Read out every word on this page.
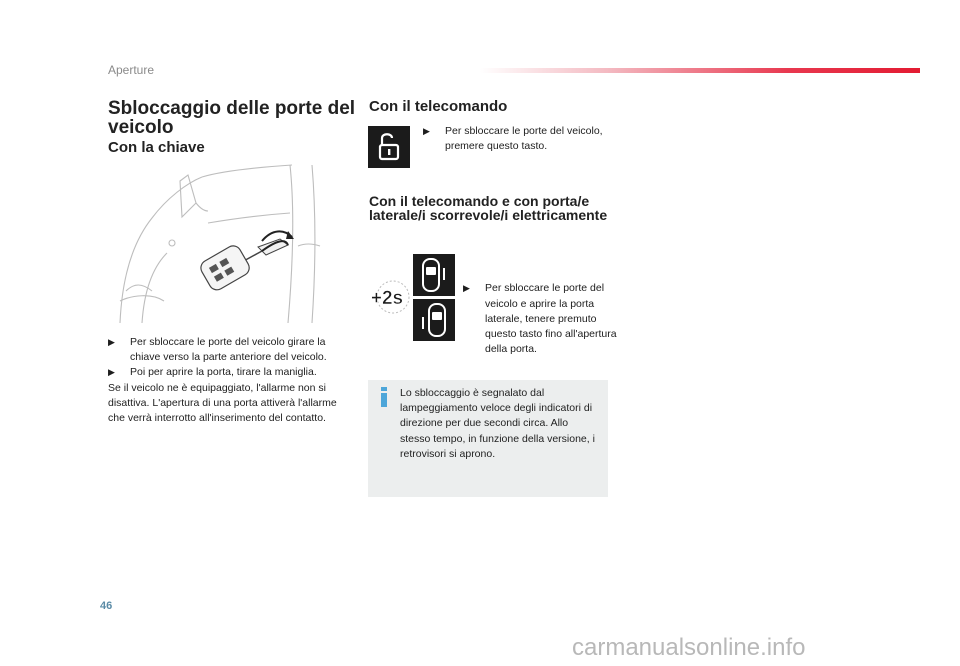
Aperture
Sbloccaggio delle porte del veicolo
Con la chiave
▶ Per sbloccare le porte del veicolo girare la chiave verso la parte anteriore del veicolo.
▶ Poi per aprire la porta, tirare la maniglia.
Se il veicolo ne è equipaggiato, l'allarme non si disattiva. L'apertura di una porta attiverà l'allarme che verrà interrotto all'inserimento del contatto.
Con il telecomando
▶ Per sbloccare le porte del veicolo, premere questo tasto.
Con il telecomando e con porta/e laterale/i scorrevole/i elettricamente
+2s	▶ Per sbloccare le porte del veicolo e aprire la porta laterale, tenere premuto questo tasto fino all'apertura della porta.
Lo sbloccaggio è segnalato dal lampeggiamento veloce degli indicatori di direzione per due secondi circa. Allo stesso tempo, in funzione della versione, i retrovisori si aprono.
46
carmanualsonline.info
